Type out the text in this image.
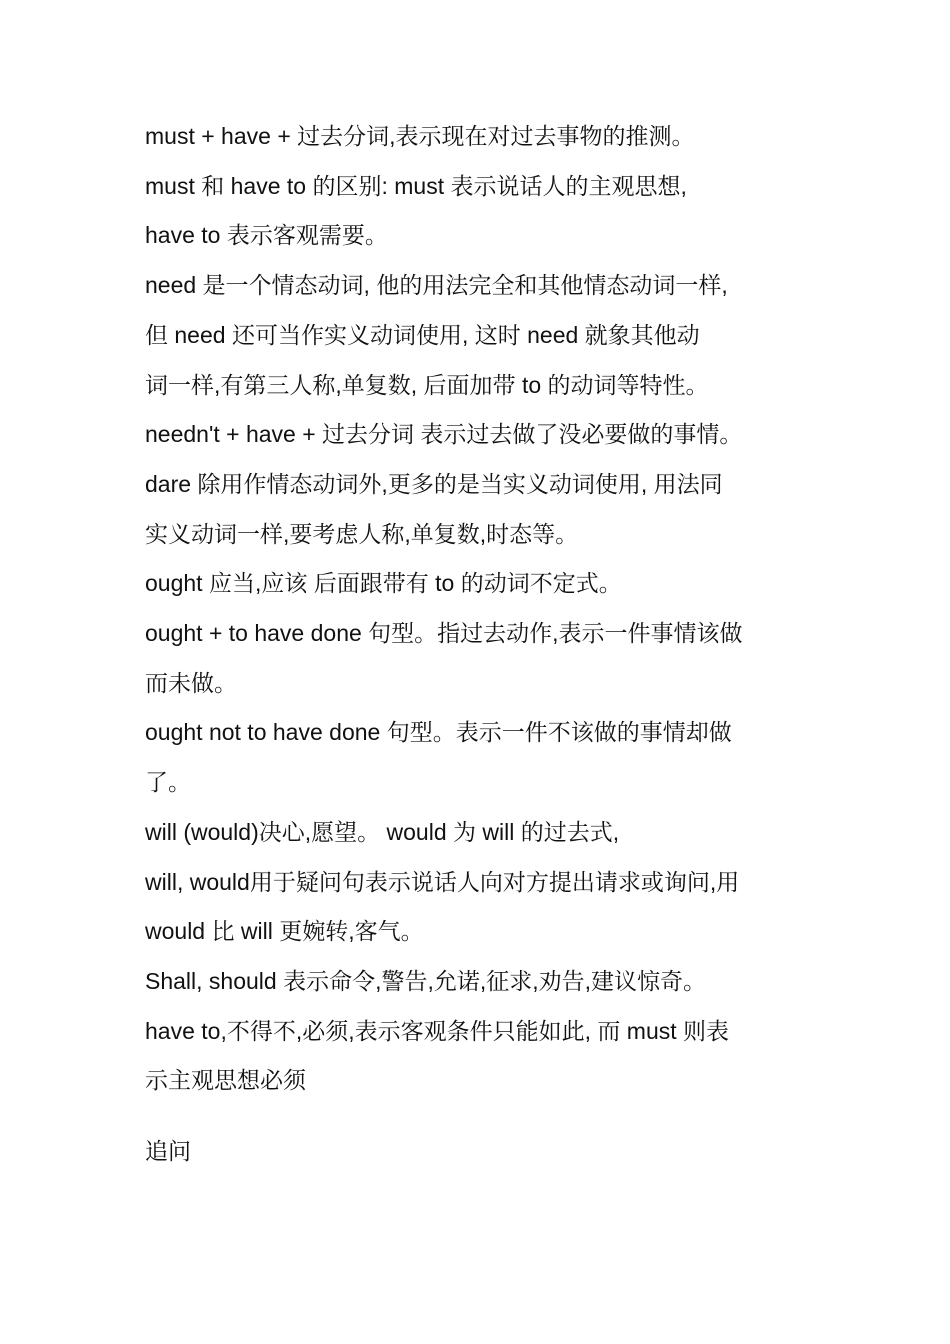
must + have + 过去分词,表示现在对过去事物的推测。

must 和 have to 的区别: must 表示说话人的主观思想,

have to 表示客观需要。

need 是一个情态动词, 他的用法完全和其他情态动词一样,

但 need 还可当作实义动词使用, 这时 need 就象其他动

词一样,有第三人称,单复数, 后面加带 to 的动词等特性。

needn't + have + 过去分词 表示过去做了没必要做的事情。

dare 除用作情态动词外,更多的是当实义动词使用, 用法同

实义动词一样,要考虑人称,单复数,时态等。

ought 应当,应该 后面跟带有 to 的动词不定式。

ought + to have done 句型。指过去动作,表示一件事情该做

而未做。

ought not to have done 句型。表示一件不该做的事情却做

了。

will (would)决心,愿望。 would 为 will 的过去式,

will, would用于疑问句表示说话人向对方提出请求或询问,用

would 比 will 更婉转,客气。

Shall, should 表示命令,警告,允诺,征求,劝告,建议惊奇。

have to,不得不,必须,表示客观条件只能如此, 而 must 则表

示主观思想必须

追问
